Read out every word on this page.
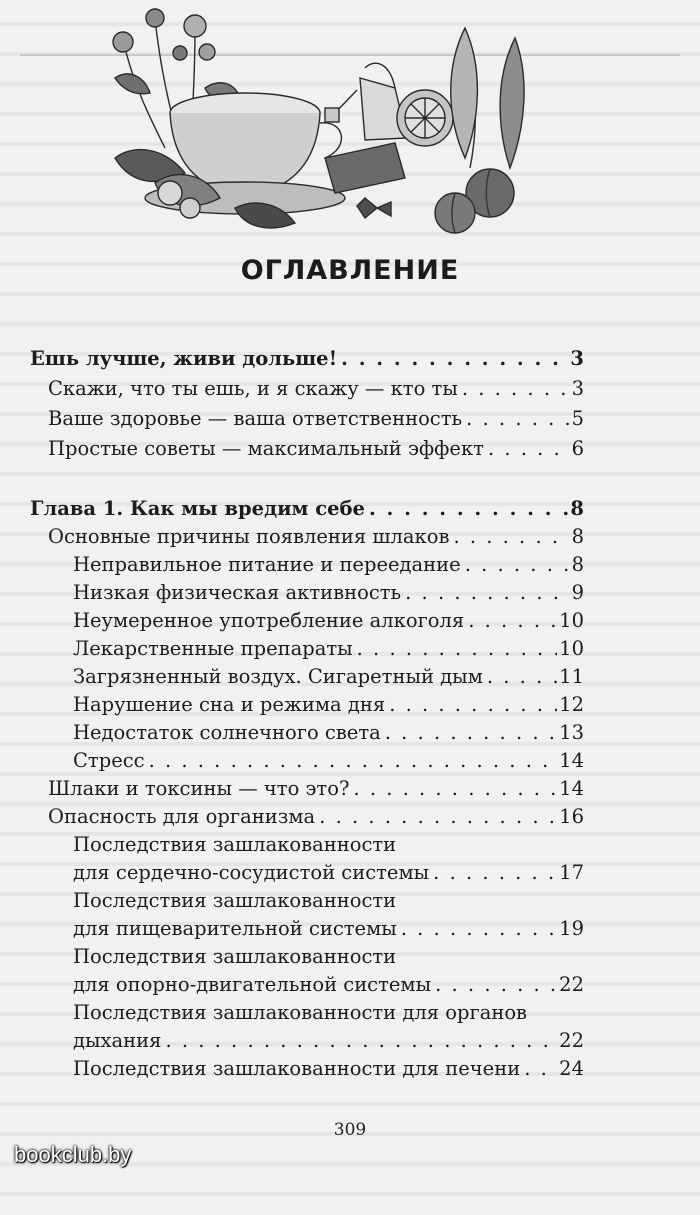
ОГЛАВЛЕНИЕ
Ешь лучше, живи дольше! . . .	3
Скажи, что ты ешь, и я скажу — кто ты . . .	3
Ваше здоровье — ваша ответственность . . .	5
Простые советы — максимальный эффект . . .	6
Глава 1. Как мы вредим себе . . .	8
Основные причины появления шлаков . . .	8
Неправильное питание и переедание . . .	8
Низкая физическая активность . . .	9
Неумеренное употребление алкоголя . . .	10
Лекарственные препараты . . .	10
Загрязненный воздух. Сигаретный дым . . .	11
Нарушение сна и режима дня . . .	12
Недостаток солнечного света . . .	13
Стресс . . .	14
Шлаки и токсины — что это? . . .	14
Опасность для организма . . .	16
Последствия зашлакованности
для сердечно-сосудистой системы . . .	17
Последствия зашлакованности
для пищеварительной системы . . .	19
Последствия зашлакованности
для опорно-двигательной системы . . .	22
Последствия зашлакованности для органов
дыхания . . .	22
Последствия зашлакованности для печени . . . 24
309
bookclub.by
